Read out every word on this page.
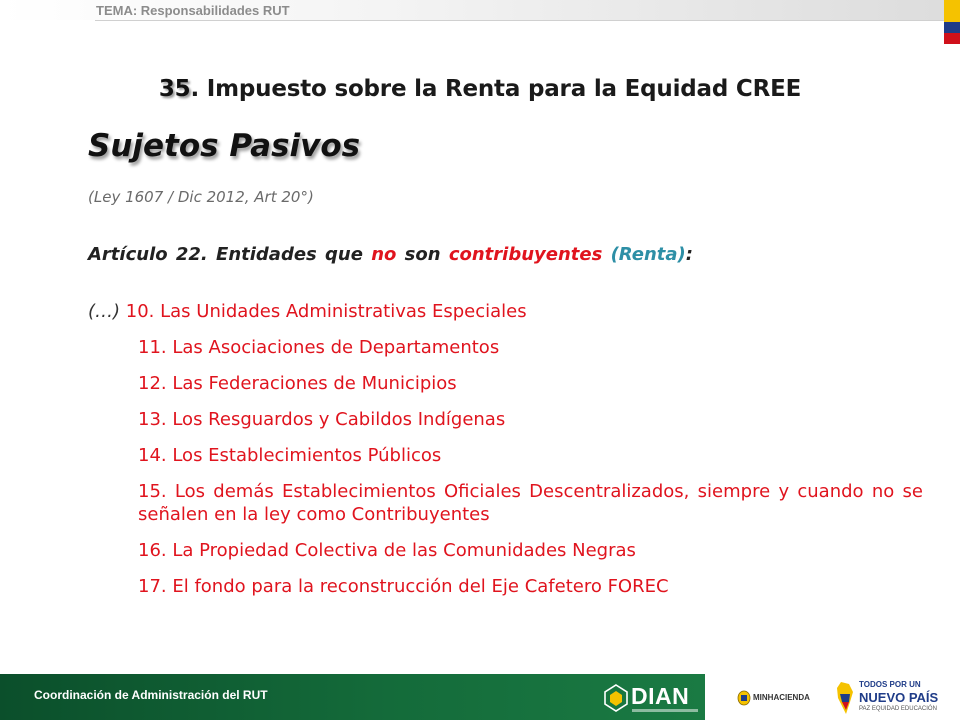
TEMA: Responsabilidades RUT
35. Impuesto sobre la Renta para la Equidad CREE
Sujetos Pasivos
(Ley 1607 / Dic 2012, Art 20°)
Artículo 22. Entidades que no son contribuyentes (Renta):
(…) 10. Las Unidades Administrativas Especiales
11. Las Asociaciones de Departamentos
12. Las Federaciones de Municipios
13. Los Resguardos y Cabildos Indígenas
14. Los Establecimientos Públicos
15. Los demás Establecimientos Oficiales Descentralizados, siempre y cuando no se señalen en la ley como Contribuyentes
16. La Propiedad Colectiva de las Comunidades Negras
17. El fondo para la reconstrucción del Eje Cafetero FOREC
Coordinación de Administración del RUT	DIAN	MINHACIENDA
TODOS POR UN
NUEVO PAÍS
PAZ EQUIDAD EDUCACIÓN
